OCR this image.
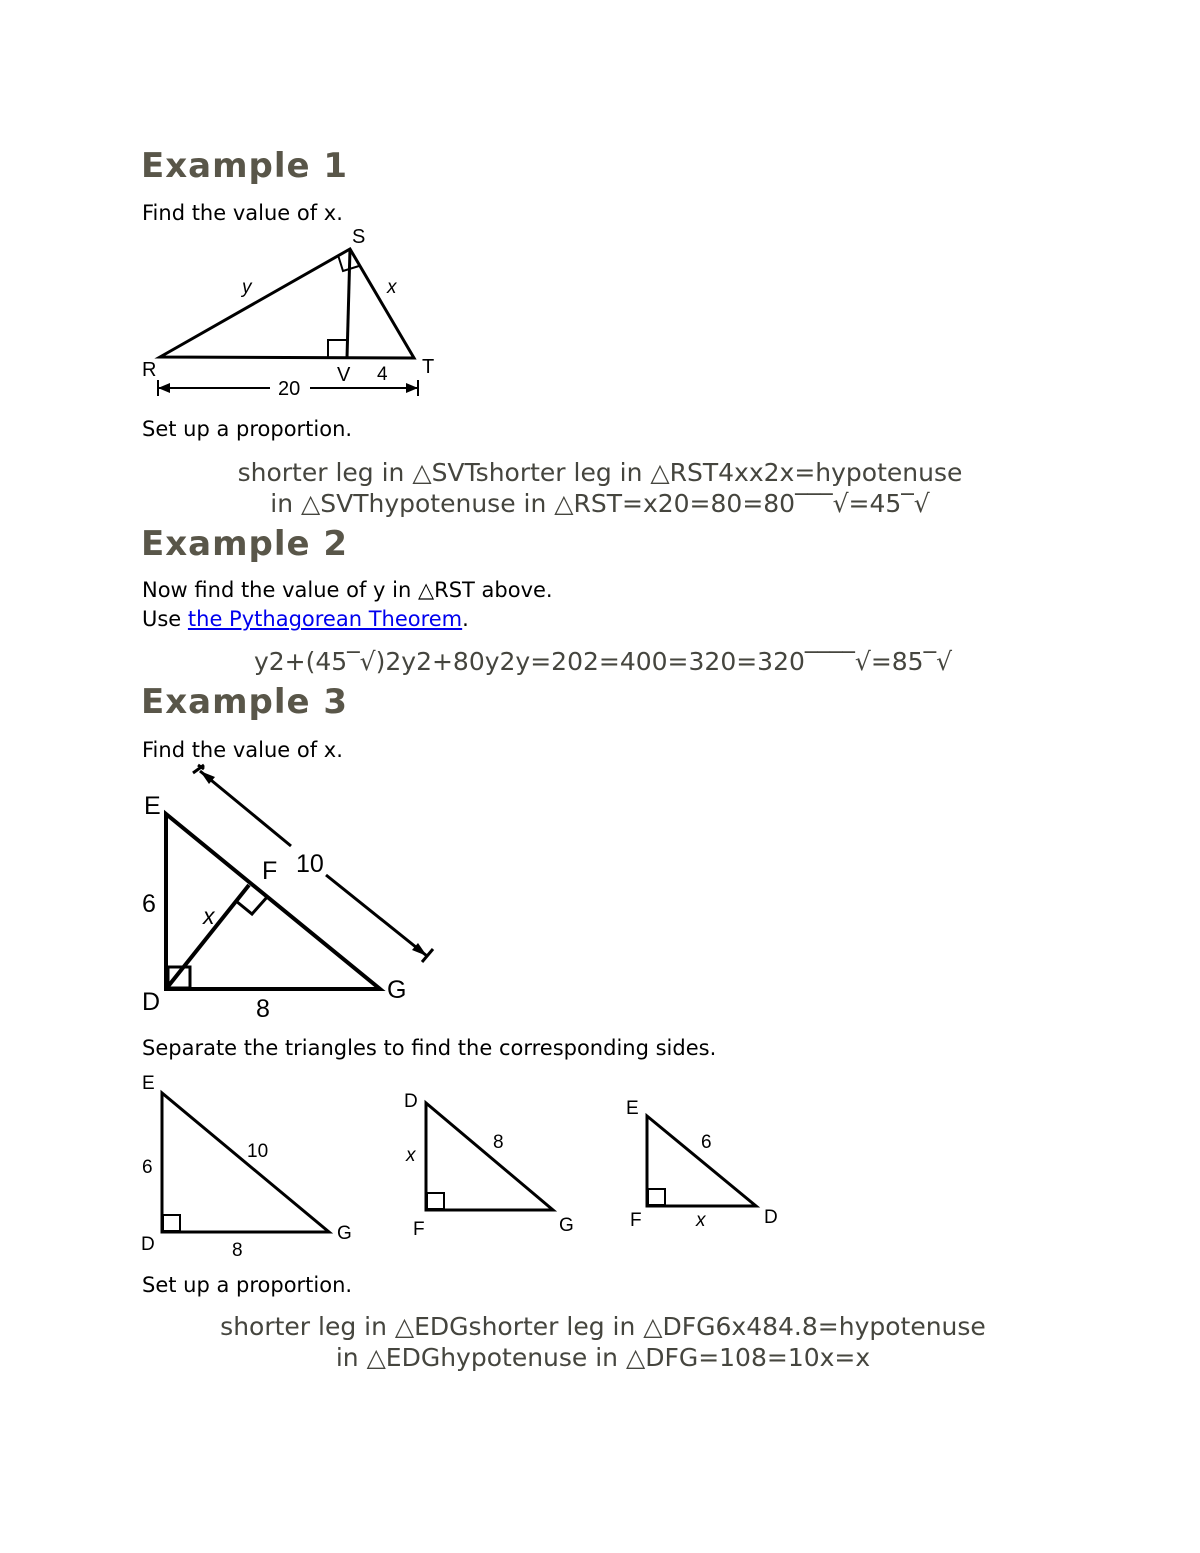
Example 1

Find the value of x.

S
R	V	T
y	x
4
20

Set up a proportion.

shorter leg in △SVTshorter leg in △RST4xx2x=hypotenuse
in △SVThypotenuse in △RST=x20=80=80‾‾‾√=45‾√
Example 2

Now find the value of y in △RST above.

Use the Pythagorean Theorem.

y2+(45‾√)2y2+80y2y=202=400=320=320‾‾‾‾√=85‾√
Example 3

Find the value of x.

E
F
D	G
6
8
x
10

Separate the triangles to find the corresponding sides.

E
D
G
6
10
8
D
F	G
x
8
E
F	D
6
x

Set up a proportion.

shorter leg in △EDGshorter leg in △DFG6x484.8=hypotenuse
in △EDGhypotenuse in △DFG=108=10x=x
